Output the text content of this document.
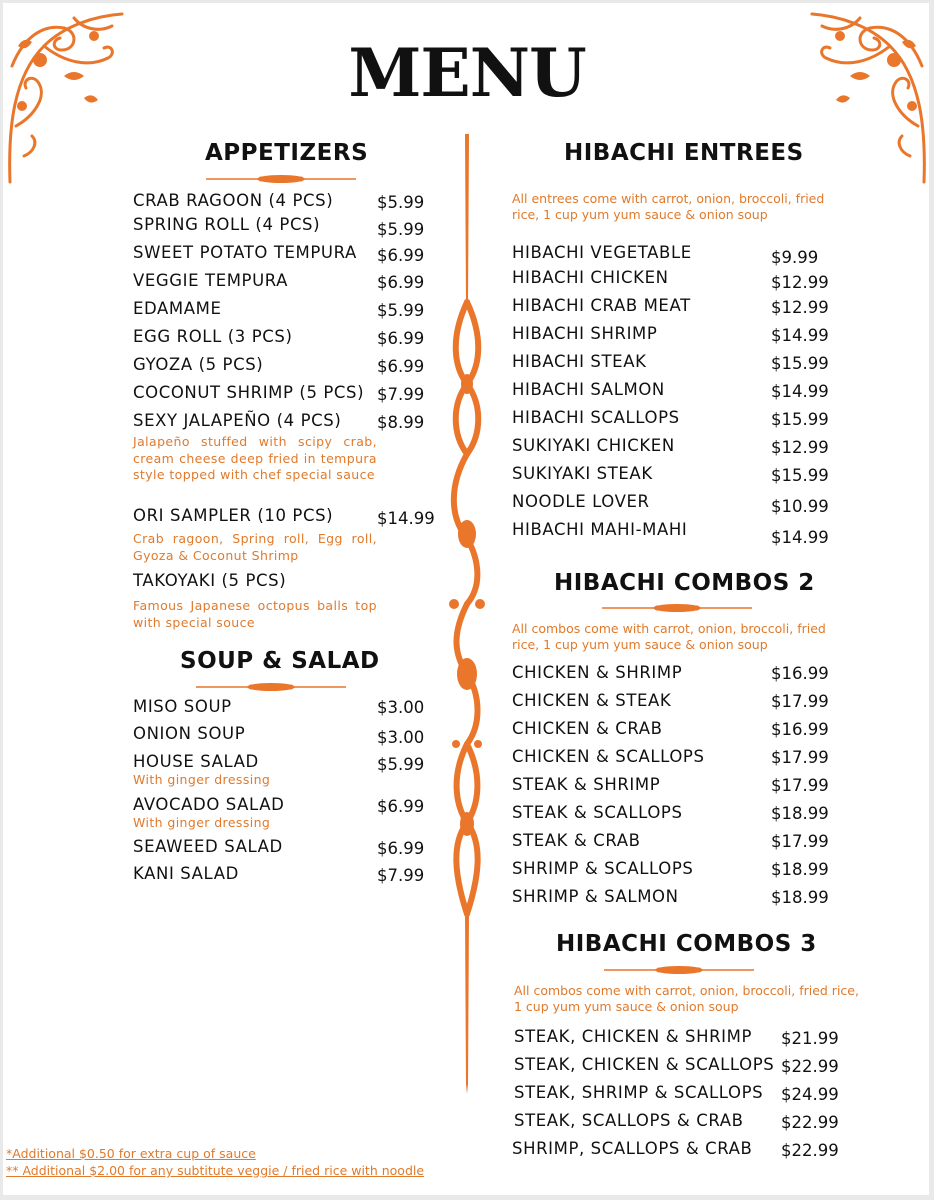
MENU
APPETIZERS
CRAB RAGOON (4 PCS)	$5.99
SPRING ROLL (4 PCS)	$5.99
SWEET POTATO TEMPURA $6.99
VEGGIE TEMPURA	$6.99
EDAMAME	$5.99
EGG ROLL (3 PCS)	$6.99
GYOZA (5 PCS)	$6.99
COCONUT SHRIMP (5 PCS) $7.99
SEXY JALAPEÑO (4 PCS) $8.99
Jalapeño stuffed with scipy crab, cream cheese deep fried in tempura style topped with chef special sauce
ORI SAMPLER (10 PCS)	$14.99
Crab ragoon, Spring roll, Egg roll, Gyoza & Coconut Shrimp
TAKOYAKI (5 PCS)
Famous Japanese octopus balls top with special souce
SOUP & SALAD
MISO SOUP	$3.00
ONION SOUP	$3.00
HOUSE SALAD	$5.99
With ginger dressing
AVOCADO SALAD	$6.99
With ginger dressing
SEAWEED SALAD	$6.99
KANI SALAD	$7.99
HIBACHI ENTREES
All entrees come with carrot, onion, broccoli, fried rice, 1 cup yum yum sauce & onion soup
HIBACHI VEGETABLE	$9.99
HIBACHI CHICKEN	$12.99
HIBACHI CRAB MEAT	$12.99
HIBACHI SHRIMP	$14.99
HIBACHI STEAK	$15.99
HIBACHI SALMON	$14.99
HIBACHI SCALLOPS	$15.99
SUKIYAKI CHICKEN	$12.99
SUKIYAKI STEAK	$15.99
NOODLE LOVER	$10.99
HIBACHI MAHI-MAHI	$14.99
HIBACHI COMBOS 2
All combos come with carrot, onion, broccoli, fried rice, 1 cup yum yum sauce & onion soup
CHICKEN & SHRIMP	$16.99
CHICKEN & STEAK	$17.99
CHICKEN & CRAB	$16.99
CHICKEN & SCALLOPS	$17.99
STEAK & SHRIMP	$17.99
STEAK & SCALLOPS	$18.99
STEAK & CRAB	$17.99
SHRIMP & SCALLOPS	$18.99
SHRIMP & SALMON	$18.99
HIBACHI COMBOS 3
All combos come with carrot, onion, broccoli, fried rice, 1 cup yum yum sauce & onion soup
STEAK, CHICKEN & SHRIMP $21.99
STEAK, CHICKEN & SCALLOPS $22.99
STEAK, SHRIMP & SCALLOPS $24.99
STEAK, SCALLOPS & CRAB $22.99
SHRIMP, SCALLOPS & CRAB $22.99
*Additional $0.50 for extra cup of sauce
** Additional $2.00 for any subtitute veggie / fried rice with noodle
